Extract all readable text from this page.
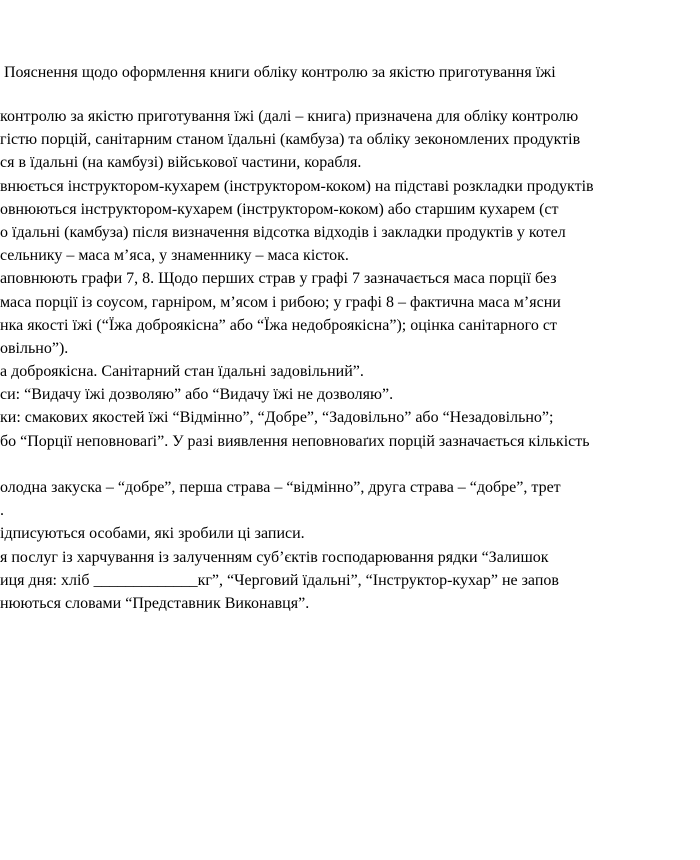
Пояснення щодо оформлення книги обліку контролю за якістю приготування їжі
контролю за якістю приготування їжі (далі – книга) призначена для обліку контролю
гістю порцій, санітарним станом їдальні (камбуза) та обліку зекономлених продуктів
ся в їдальні (на камбузі) військової частини, корабля.
внюється інструктором-кухарем (інструктором-коком) на підставі розкладки продуктів
овнюються інструктором-кухарем (інструктором-коком) або старшим кухарем (ст
о їдальні (камбуза) після визначення відсотка відходів і закладки продуктів у котел
сельнику – маса м’яса, у знаменнику – маса кісток.
аповнюють графи 7, 8. Щодо перших страв у графі 7 зазначається маса порції без
маса порції із соусом, гарніром, м’ясом і рибою; у графі 8 – фактична маса м’ясни
нка якості їжі (“Їжа доброякісна” або “Їжа недоброякісна”); оцінка санітарного ст
овільно”).
а доброякісна. Санітарний стан їдальні задовільний”.
си: “Видачу їжі дозволяю” або “Видачу їжі не дозволяю”.
ки: смакових якостей їжі “Відмінно”, “Добре”, “Задовільно” або “Незадовільно”;
бо “Порції неповноваґі”. У разі виявлення неповноваґих порцій зазначається кількість
олодна закуска – “добре”, перша страва – “відмінно”, друга страва – “добре”, трет
.
ідписуються особами, які зробили ці записи.
я послуг із харчування із залученням суб’єктів господарювання рядки “Залишок
иця дня: хліб _____________кг”, “Черговий їдальні”, “Інструктор-кухар” не запов
нюються словами “Представник Виконавця”.
